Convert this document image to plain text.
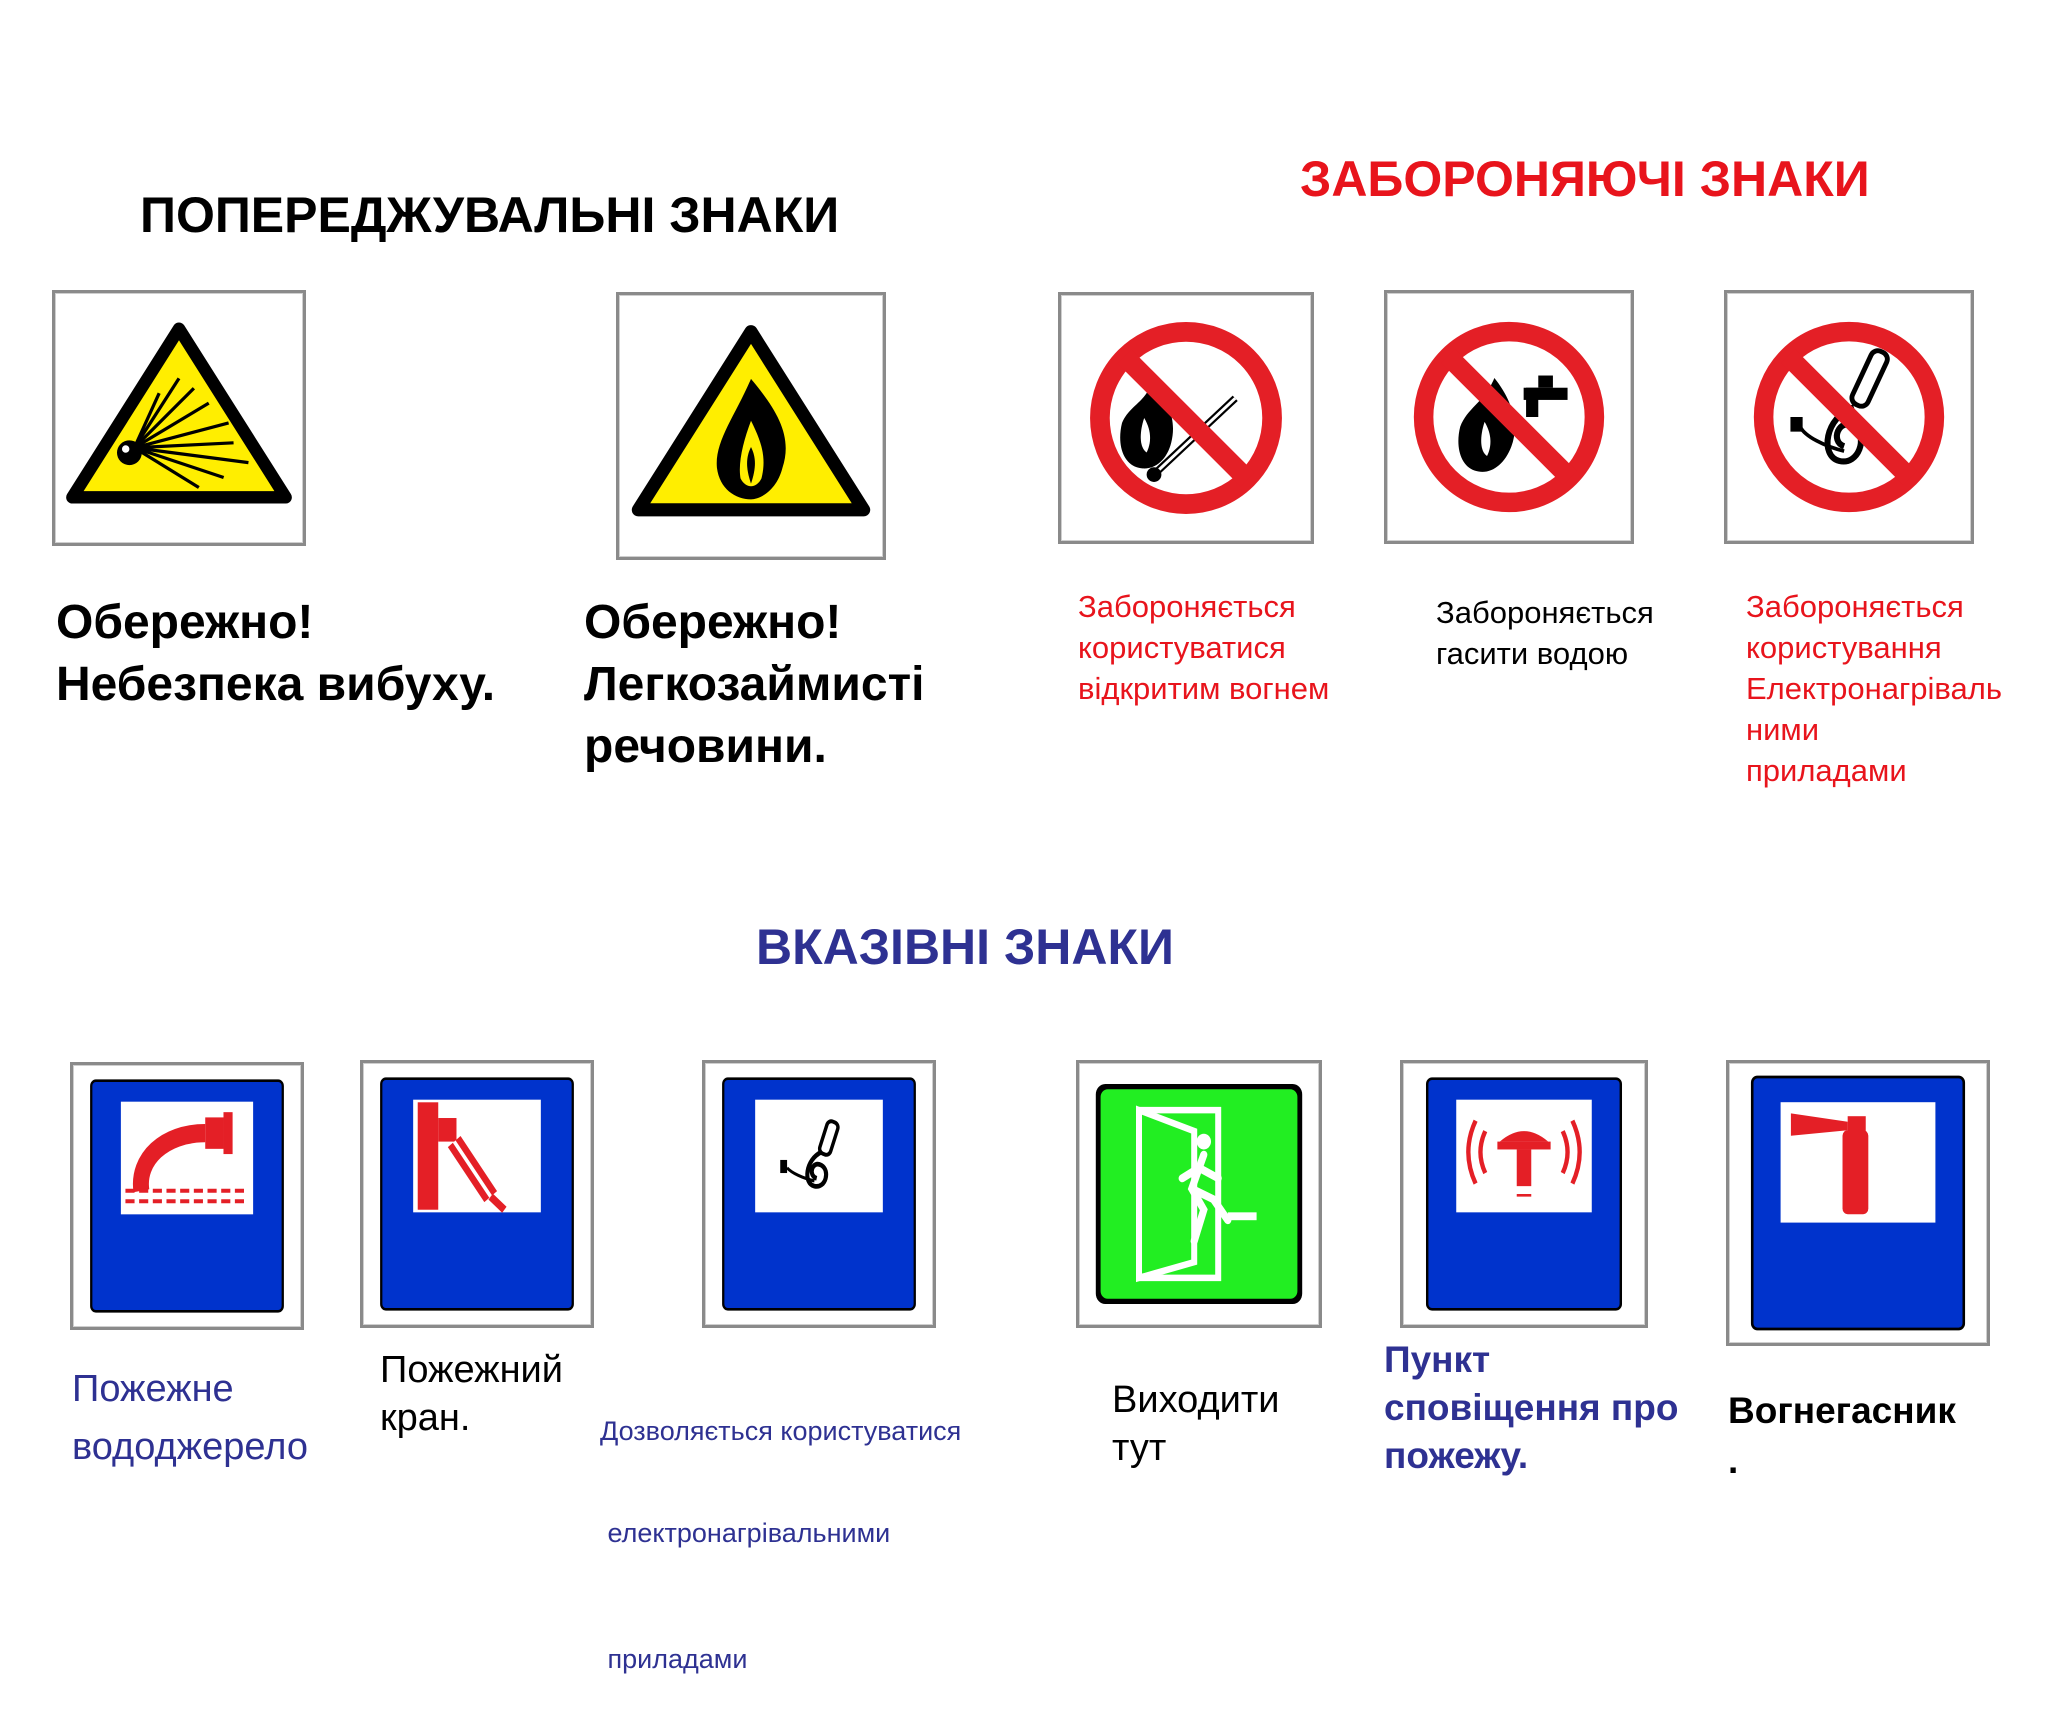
ПОПЕРЕДЖУВАЛЬНІ ЗНАКИ
ЗАБОРОНЯЮЧІ ЗНАКИ
ВКАЗІВНІ ЗНАКИ

Обережно!
Небезпека вибуху.

Обережно!
Легкозаймисті
речовини.

Забороняється
користуватися
відкритим вогнем

Забороняється
гасити водою

Забороняється
користування
Електронагріваль
ними
приладами

Пожежне
вододжерело

Пожежний
кран.

	Дозволяється користуватися

електронагрівальними

приладами

Виходити
тут

Пункт
сповіщення про
пожежу.

Вогнегасник
.
